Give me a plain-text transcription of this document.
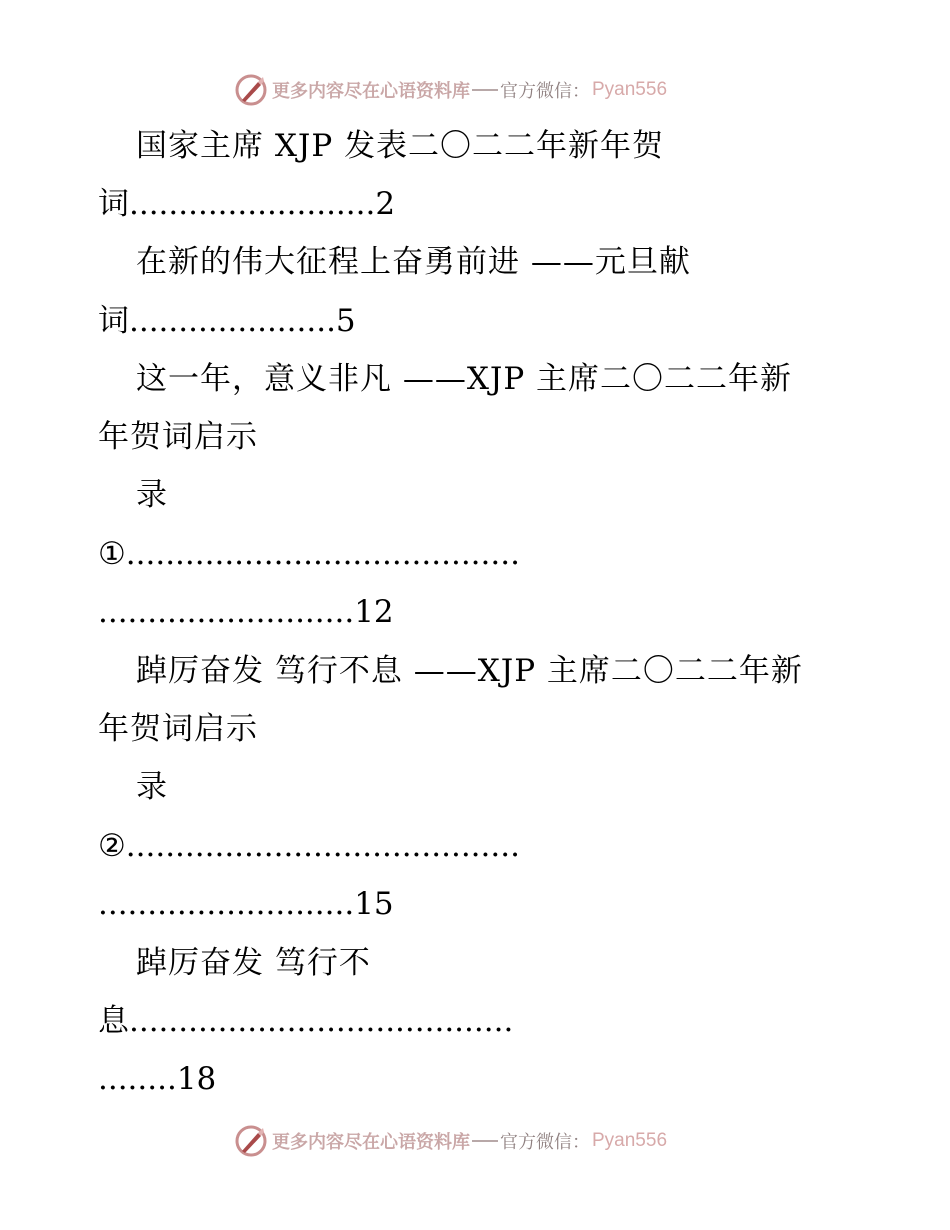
更多内容尽在心语资料库 官方微信： Pyan556
国家主席 XJP 发表二〇二二年新年贺
词.........................2
在新的伟大征程上奋勇前进 ——元旦献
词.....................5
这一年，意义非凡 ——XJP 主席二〇二二年新
年贺词启示
录
①........................................
..........................12
踔厉奋发 笃行不息 ——XJP 主席二〇二二年新
年贺词启示
录
②........................................
..........................15
踔厉奋发 笃行不
息.......................................
........18
更多内容尽在心语资料库 官方微信： Pyan556
